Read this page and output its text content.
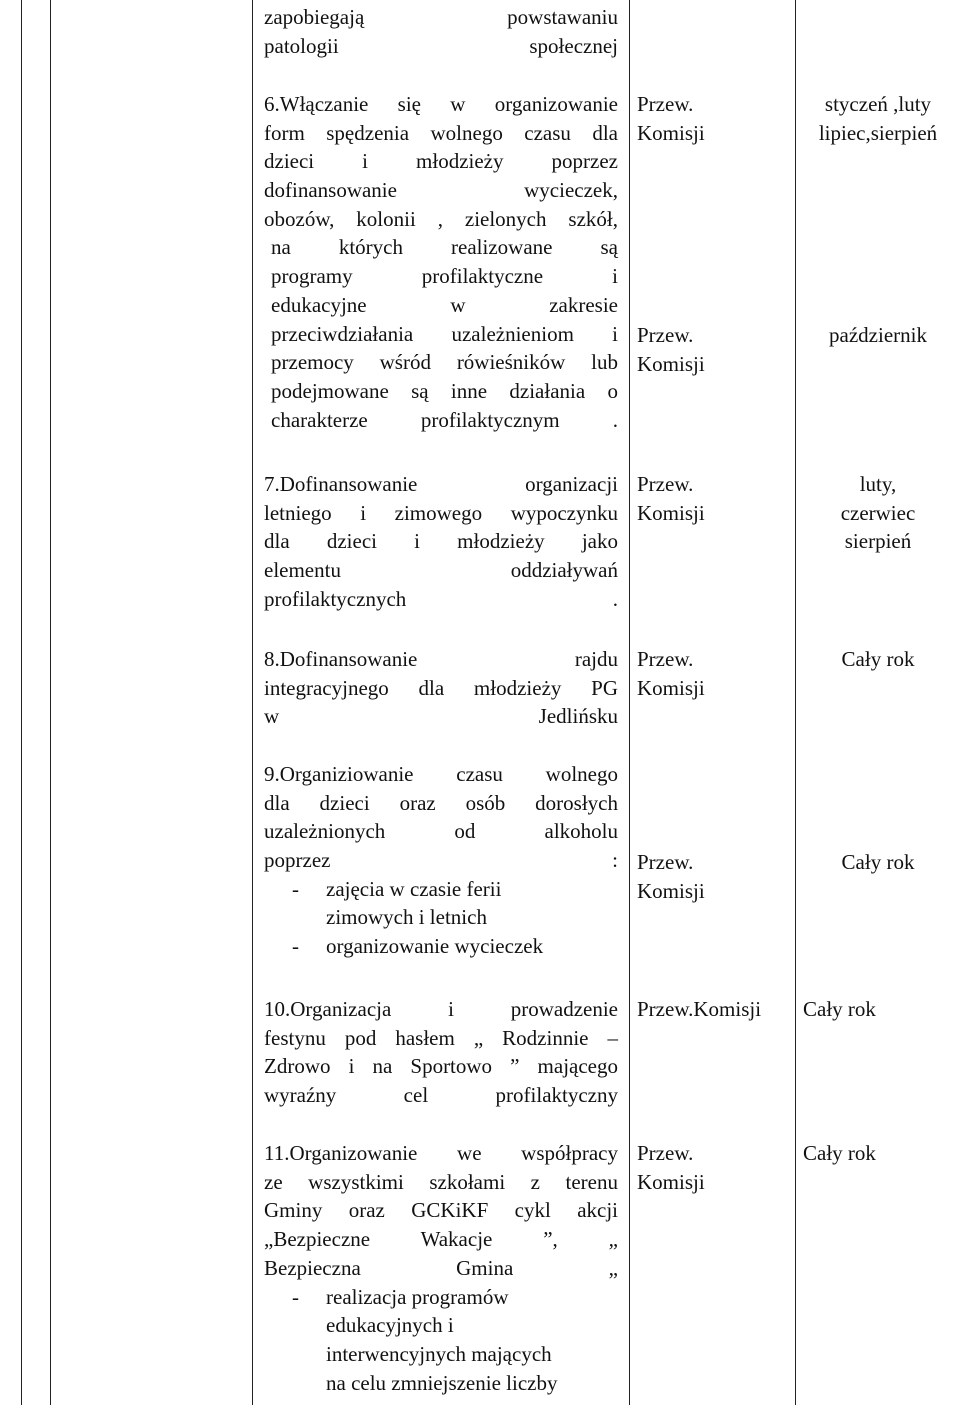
zapobiegają powstawaniu
patologii społecznej
6.Włączanie się w organizowanie
form spędzenia wolnego czasu dla
dzieci i młodzieży poprzez
dofinansowanie wycieczek,
obozów, kolonii , zielonych szkół,
na których realizowane są
programy profilaktyczne i
edukacyjne w zakresie
przeciwdziałania uzależnieniom i
przemocy wśród rówieśników lub
podejmowane są inne działania o
charakterze profilaktycznym .
Przew.
Komisji
Przew.
Komisji
styczeń ,luty
lipiec,sierpień
październik
7.Dofinansowanie organizacji
letniego i zimowego wypoczynku
dla dzieci i młodzieży jako
elementu oddziaływań
profilaktycznych .
Przew.
Komisji
luty,
czerwiec
sierpień
8.Dofinansowanie rajdu
integracyjnego dla młodzieży PG
w Jedlińsku
Przew.
Komisji
Cały rok
9.Organiziowanie czasu wolnego
dla dzieci oraz osób dorosłych
uzależnionych od alkoholu
poprzez :
- zajęcia w czasie ferii
zimowych i letnich
- organizowanie wycieczek
Przew.
Komisji
Cały rok
10.Organizacja i prowadzenie
festynu pod hasłem „ Rodzinnie –
Zdrowo i na Sportowo ” mającego
wyraźny cel profilaktyczny
Przew.Komisji Cały rok
11.Organizowanie we współpracy
ze wszystkimi szkołami z terenu
Gminy oraz GCKiKF cykl akcji
„Bezpieczne Wakacje ”, „
Bezpieczna Gmina „
- realizacja programów
edukacyjnych i
interwencyjnych mających
na celu zmniejszenie liczby
Przew.
Komisji
Cały rok
